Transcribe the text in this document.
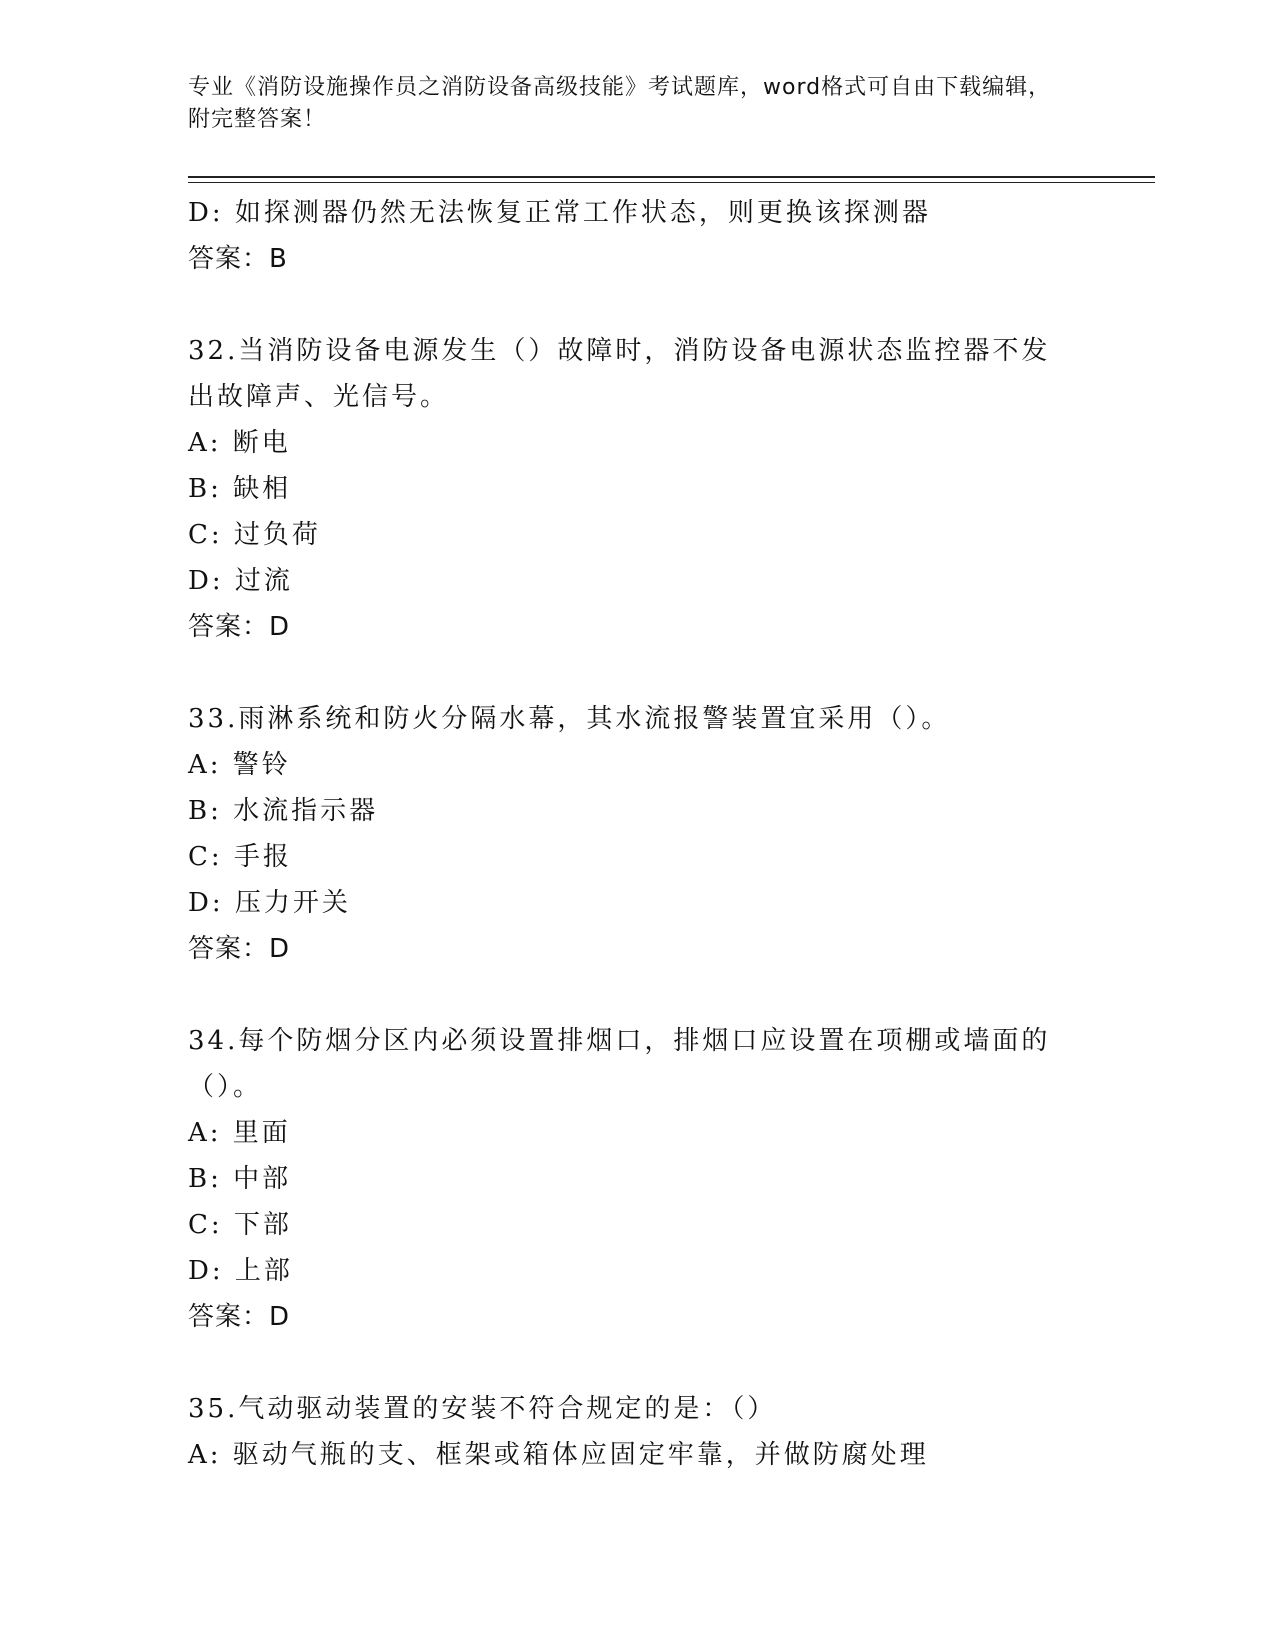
专业《消防设施操作员之消防设备高级技能》考试题库，word格式可自由下载编辑，附完整答案！
D: 如探测器仍然无法恢复正常工作状态，则更换该探测器
答案：B
32.当消防设备电源发生（）故障时，消防设备电源状态监控器不发出故障声、光信号。
A: 断电
B: 缺相
C: 过负荷
D: 过流
答案：D
33.雨淋系统和防火分隔水幕，其水流报警装置宜采用（）。
A: 警铃
B: 水流指示器
C: 手报
D: 压力开关
答案：D
34.每个防烟分区内必须设置排烟口，排烟口应设置在项棚或墙面的（）。
A: 里面
B: 中部
C: 下部
D: 上部
答案：D
35.气动驱动装置的安装不符合规定的是：（）
A: 驱动气瓶的支、框架或箱体应固定牢靠，并做防腐处理
